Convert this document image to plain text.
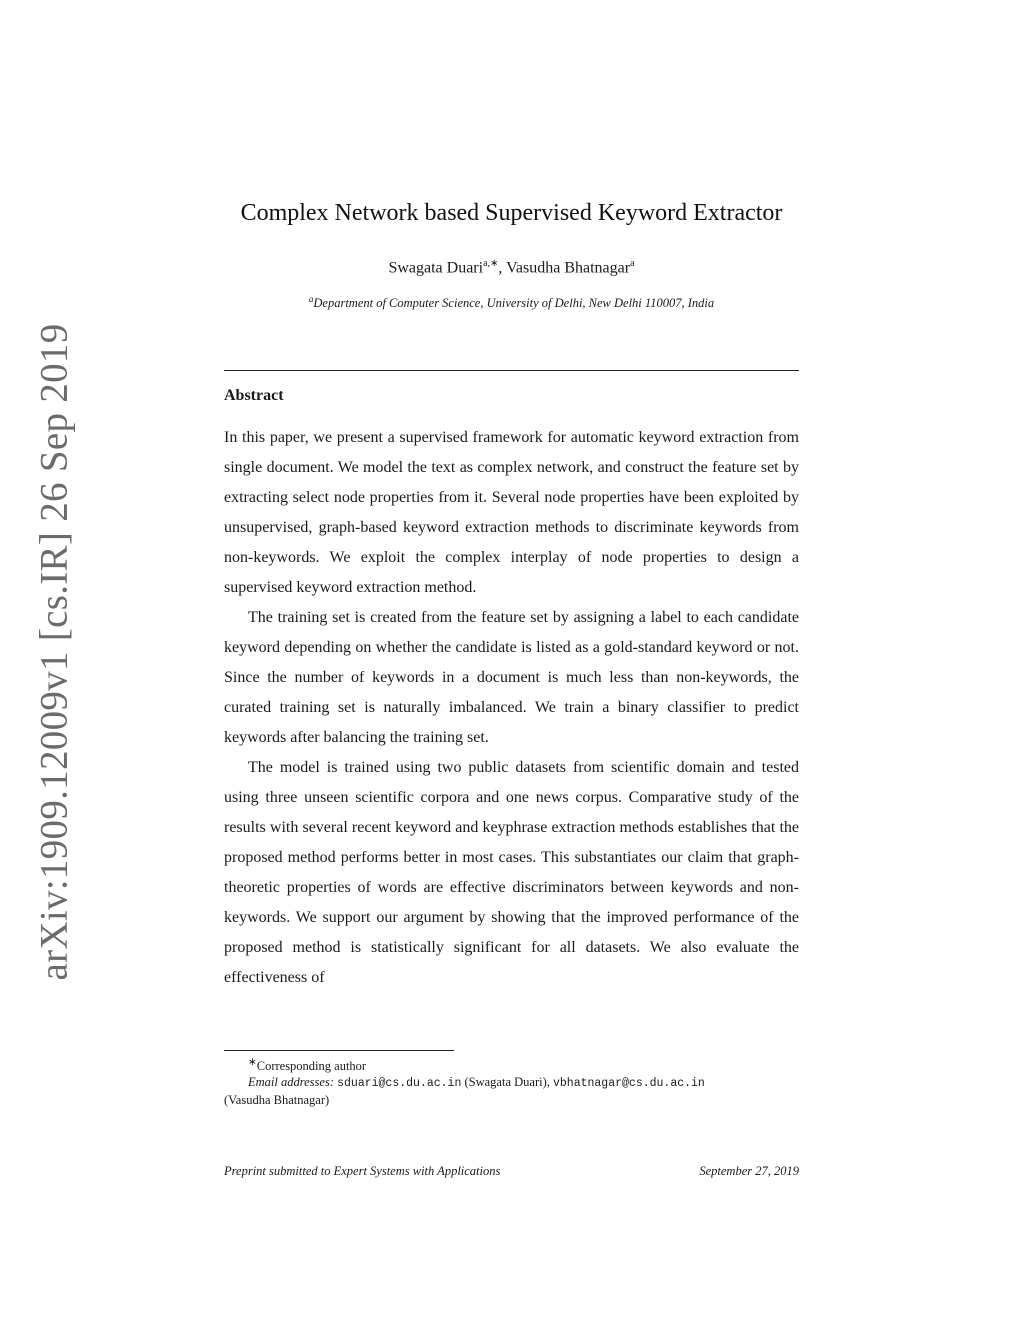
arXiv:1909.12009v1 [cs.IR] 26 Sep 2019
Complex Network based Supervised Keyword Extractor
Swagata Duari$^{a,∗}$, Vasudha Bhatnagar$^a$
$^a$Department of Computer Science, University of Delhi, New Delhi 110007, India
Abstract

In this paper, we present a supervised framework for automatic keyword extraction from single document. We model the text as complex network, and construct the feature set by extracting select node properties from it. Several node properties have been exploited by unsupervised, graph-based keyword extraction methods to discriminate keywords from non-keywords. We exploit the complex interplay of node properties to design a supervised keyword extraction method.

The training set is created from the feature set by assigning a label to each candidate keyword depending on whether the candidate is listed as a gold-standard keyword or not. Since the number of keywords in a document is much less than non-keywords, the curated training set is naturally imbalanced. We train a binary classifier to predict keywords after balancing the training set.

The model is trained using two public datasets from scientific domain and tested using three unseen scientific corpora and one news corpus. Comparative study of the results with several recent keyword and keyphrase extraction methods establishes that the proposed method performs better in most cases. This substantiates our claim that graph-theoretic properties of words are effective discriminators between keywords and non-keywords. We support our argument by showing that the improved performance of the proposed method is statistically significant for all datasets. We also evaluate the effectiveness of

∗Corresponding author
Email addresses: sduari@cs.du.ac.in (Swagata Duari), vbhatnagar@cs.du.ac.in
(Vasudha Bhatnagar)
Preprint submitted to Expert Systems with Applications	September 27, 2019
